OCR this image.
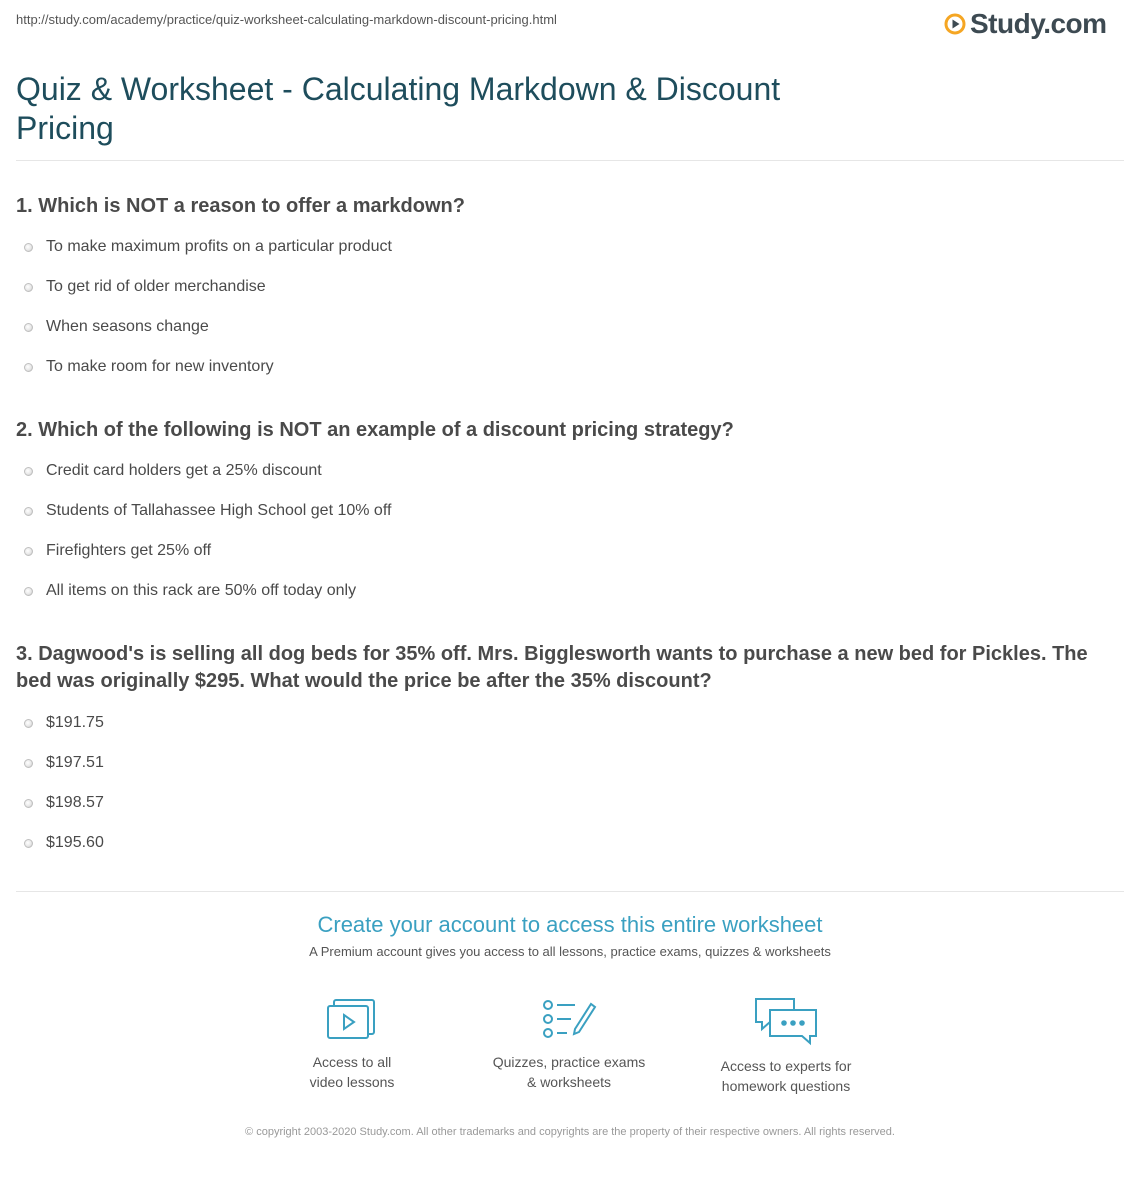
http://study.com/academy/practice/quiz-worksheet-calculating-markdown-discount-pricing.html	Study.com
Quiz & Worksheet - Calculating Markdown & Discount Pricing
1. Which is NOT a reason to offer a markdown?
To make maximum profits on a particular product
To get rid of older merchandise
When seasons change
To make room for new inventory
2. Which of the following is NOT an example of a discount pricing strategy?
Credit card holders get a 25% discount
Students of Tallahassee High School get 10% off
Firefighters get 25% off
All items on this rack are 50% off today only
3. Dagwood's is selling all dog beds for 35% off. Mrs. Bigglesworth wants to purchase a new bed for Pickles. The bed was originally $295. What would the price be after the 35% discount?
$191.75
$197.51
$198.57
$195.60
Create your account to access this entire worksheet
A Premium account gives you access to all lessons, practice exams, quizzes & worksheets
Access to all
video lessons
Quizzes, practice exams
& worksheets
Access to experts for
homework questions
© copyright 2003-2020 Study.com. All other trademarks and copyrights are the property of their respective owners. All rights reserved.
